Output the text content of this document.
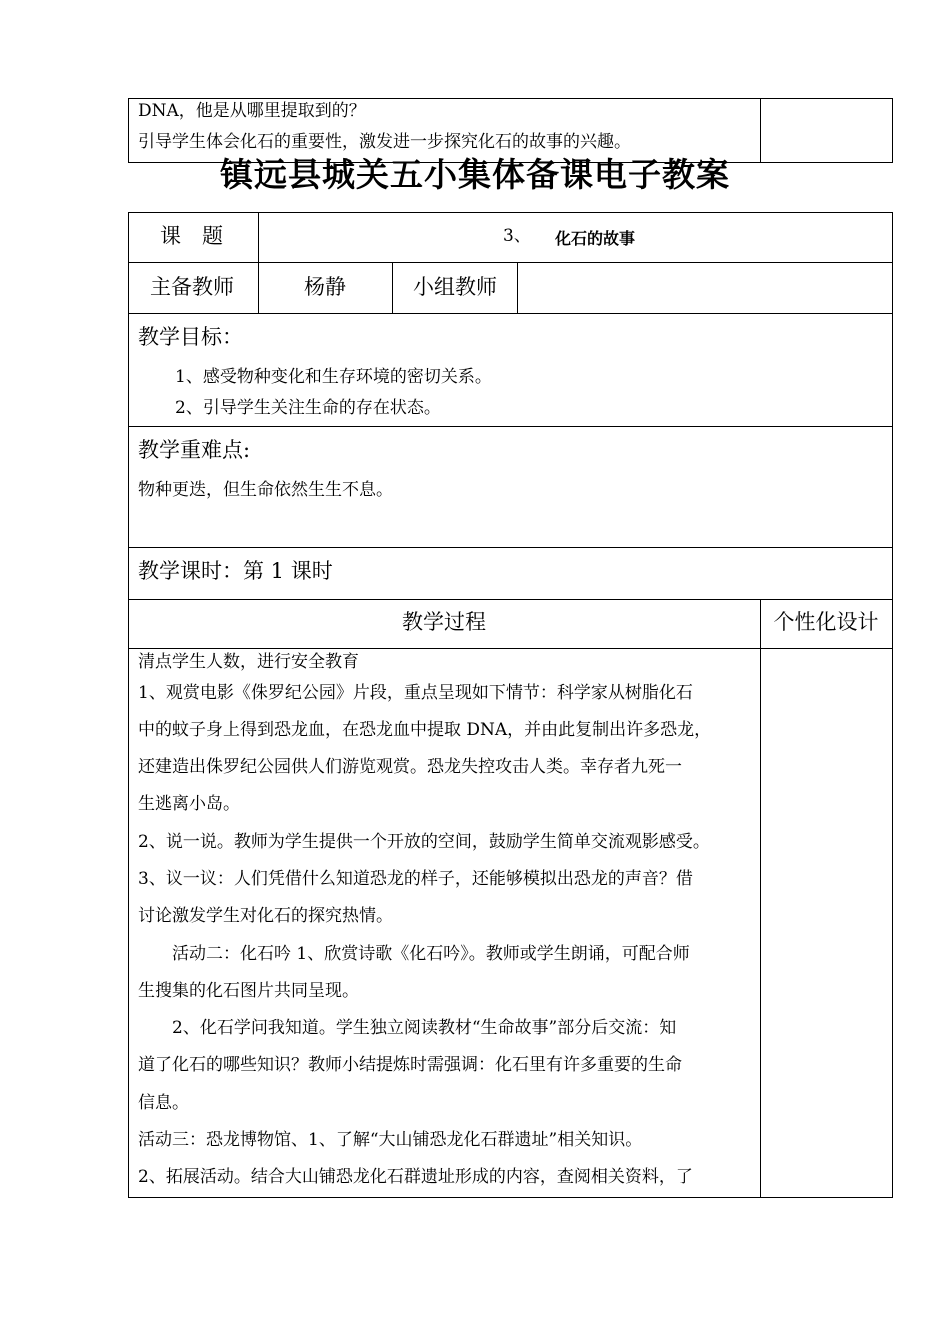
DNA，他是从哪里提取到的？
引导学生体会化石的重要性，激发进一步探究化石的故事的兴趣。
镇远县城关五小集体备课电子教案
课　题	3、 化石的故事
主备教师	杨静	小组教师
教学目标：
1、感受物种变化和生存环境的密切关系。
2、引导学生关注生命的存在状态。
教学重难点:
物种更迭，但生命依然生生不息。
教学课时：第 1 课时
教学过程	个性化设计
清点学生人数，进行安全教育
1、观赏电影《侏罗纪公园》片段，重点呈现如下情节：科学家从树脂化石
中的蚊子身上得到恐龙血，在恐龙血中提取 DNA，并由此复制出许多恐龙，
还建造出侏罗纪公园供人们游览观赏。恐龙失控攻击人类。幸存者九死一
生逃离小岛。
2、说一说。教师为学生提供一个开放的空间，鼓励学生简单交流观影感受。
3、议一议：人们凭借什么知道恐龙的样子，还能够模拟出恐龙的声音？借
讨论激发学生对化石的探究热情。
　　活动二：化石吟 1、欣赏诗歌《化石吟》。教师或学生朗诵，可配合师
生搜集的化石图片共同呈现。
　　2、化石学问我知道。学生独立阅读教材“生命故事”部分后交流：知
道了化石的哪些知识？教师小结提炼时需强调：化石里有许多重要的生命
信息。
活动三：恐龙博物馆、1、了解“大山铺恐龙化石群遗址”相关知识。
2、拓展活动。结合大山铺恐龙化石群遗址形成的内容，查阅相关资料，了
